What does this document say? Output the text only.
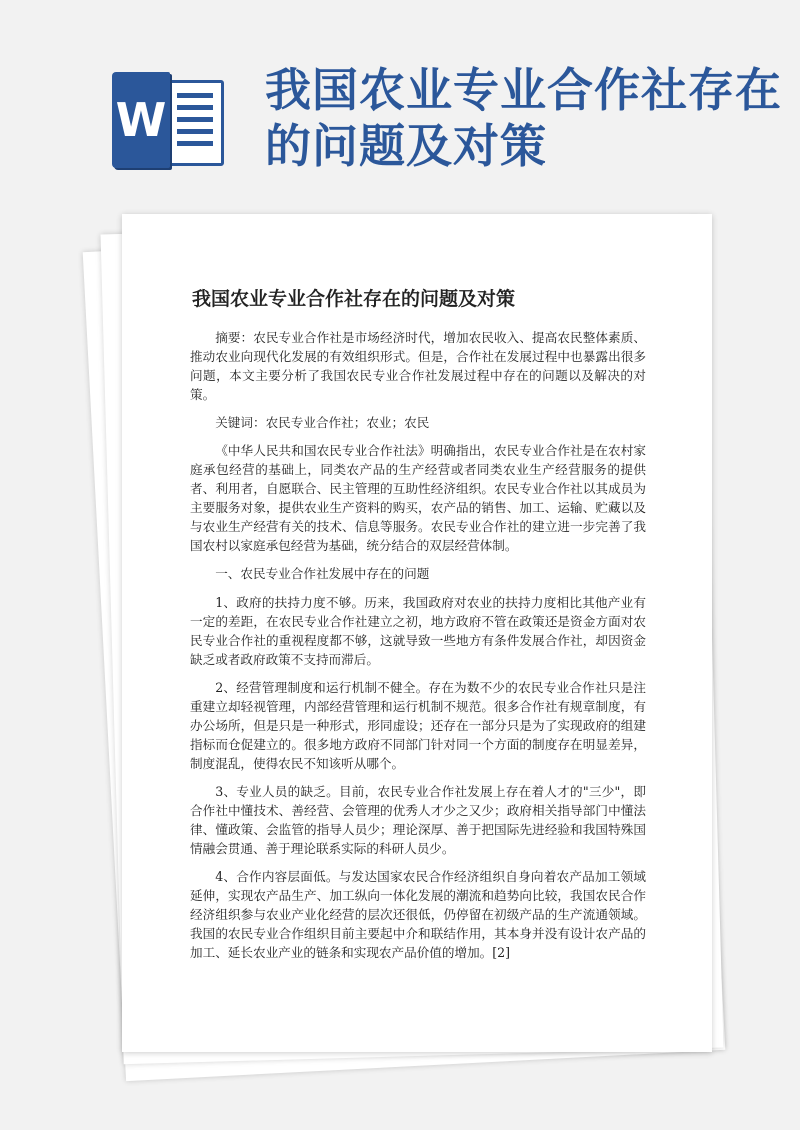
W
我国农业专业合作社存在的问题及对策
我国农业专业合作社存在的问题及对策

摘要：农民专业合作社是市场经济时代，增加农民收入、提高农民整体素质、推动农业向现代化发展的有效组织形式。但是，合作社在发展过程中也暴露出很多问题，本文主要分析了我国农民专业合作社发展过程中存在的问题以及解决的对策。

关键词：农民专业合作社；农业；农民

《中华人民共和国农民专业合作社法》明确指出，农民专业合作社是在农村家庭承包经营的基础上，同类农产品的生产经营或者同类农业生产经营服务的提供者、利用者，自愿联合、民主管理的互助性经济组织。农民专业合作社以其成员为主要服务对象，提供农业生产资料的购买，农产品的销售、加工、运输、贮藏以及与农业生产经营有关的技术、信息等服务。农民专业合作社的建立进一步完善了我国农村以家庭承包经营为基础，统分结合的双层经营体制。

一、农民专业合作社发展中存在的问题

1、政府的扶持力度不够。历来，我国政府对农业的扶持力度相比其他产业有一定的差距，在农民专业合作社建立之初，地方政府不管在政策还是资金方面对农民专业合作社的重视程度都不够，这就导致一些地方有条件发展合作社，却因资金缺乏或者政府政策不支持而滞后。

2、经营管理制度和运行机制不健全。存在为数不少的农民专业合作社只是注重建立却轻视管理，内部经营管理和运行机制不规范。很多合作社有规章制度，有办公场所，但是只是一种形式，形同虚设；还存在一部分只是为了实现政府的组建指标而仓促建立的。很多地方政府不同部门针对同一个方面的制度存在明显差异，制度混乱，使得农民不知该听从哪个。

3、专业人员的缺乏。目前，农民专业合作社发展上存在着人才的"三少"，即合作社中懂技术、善经营、会管理的优秀人才少之又少；政府相关指导部门中懂法律、懂政策、会监管的指导人员少；理论深厚、善于把国际先进经验和我国特殊国情融会贯通、善于理论联系实际的科研人员少。

4、合作内容层面低。与发达国家农民合作经济组织自身向着农产品加工领域延伸，实现农产品生产、加工纵向一体化发展的潮流和趋势向比较，我国农民合作经济组织参与农业产业化经营的层次还很低，仍停留在初级产品的生产流通领域。我国的农民专业合作组织目前主要起中介和联结作用，其本身并没有设计农产品的加工、延长农业产业的链条和实现农产品价值的增加。[2]
